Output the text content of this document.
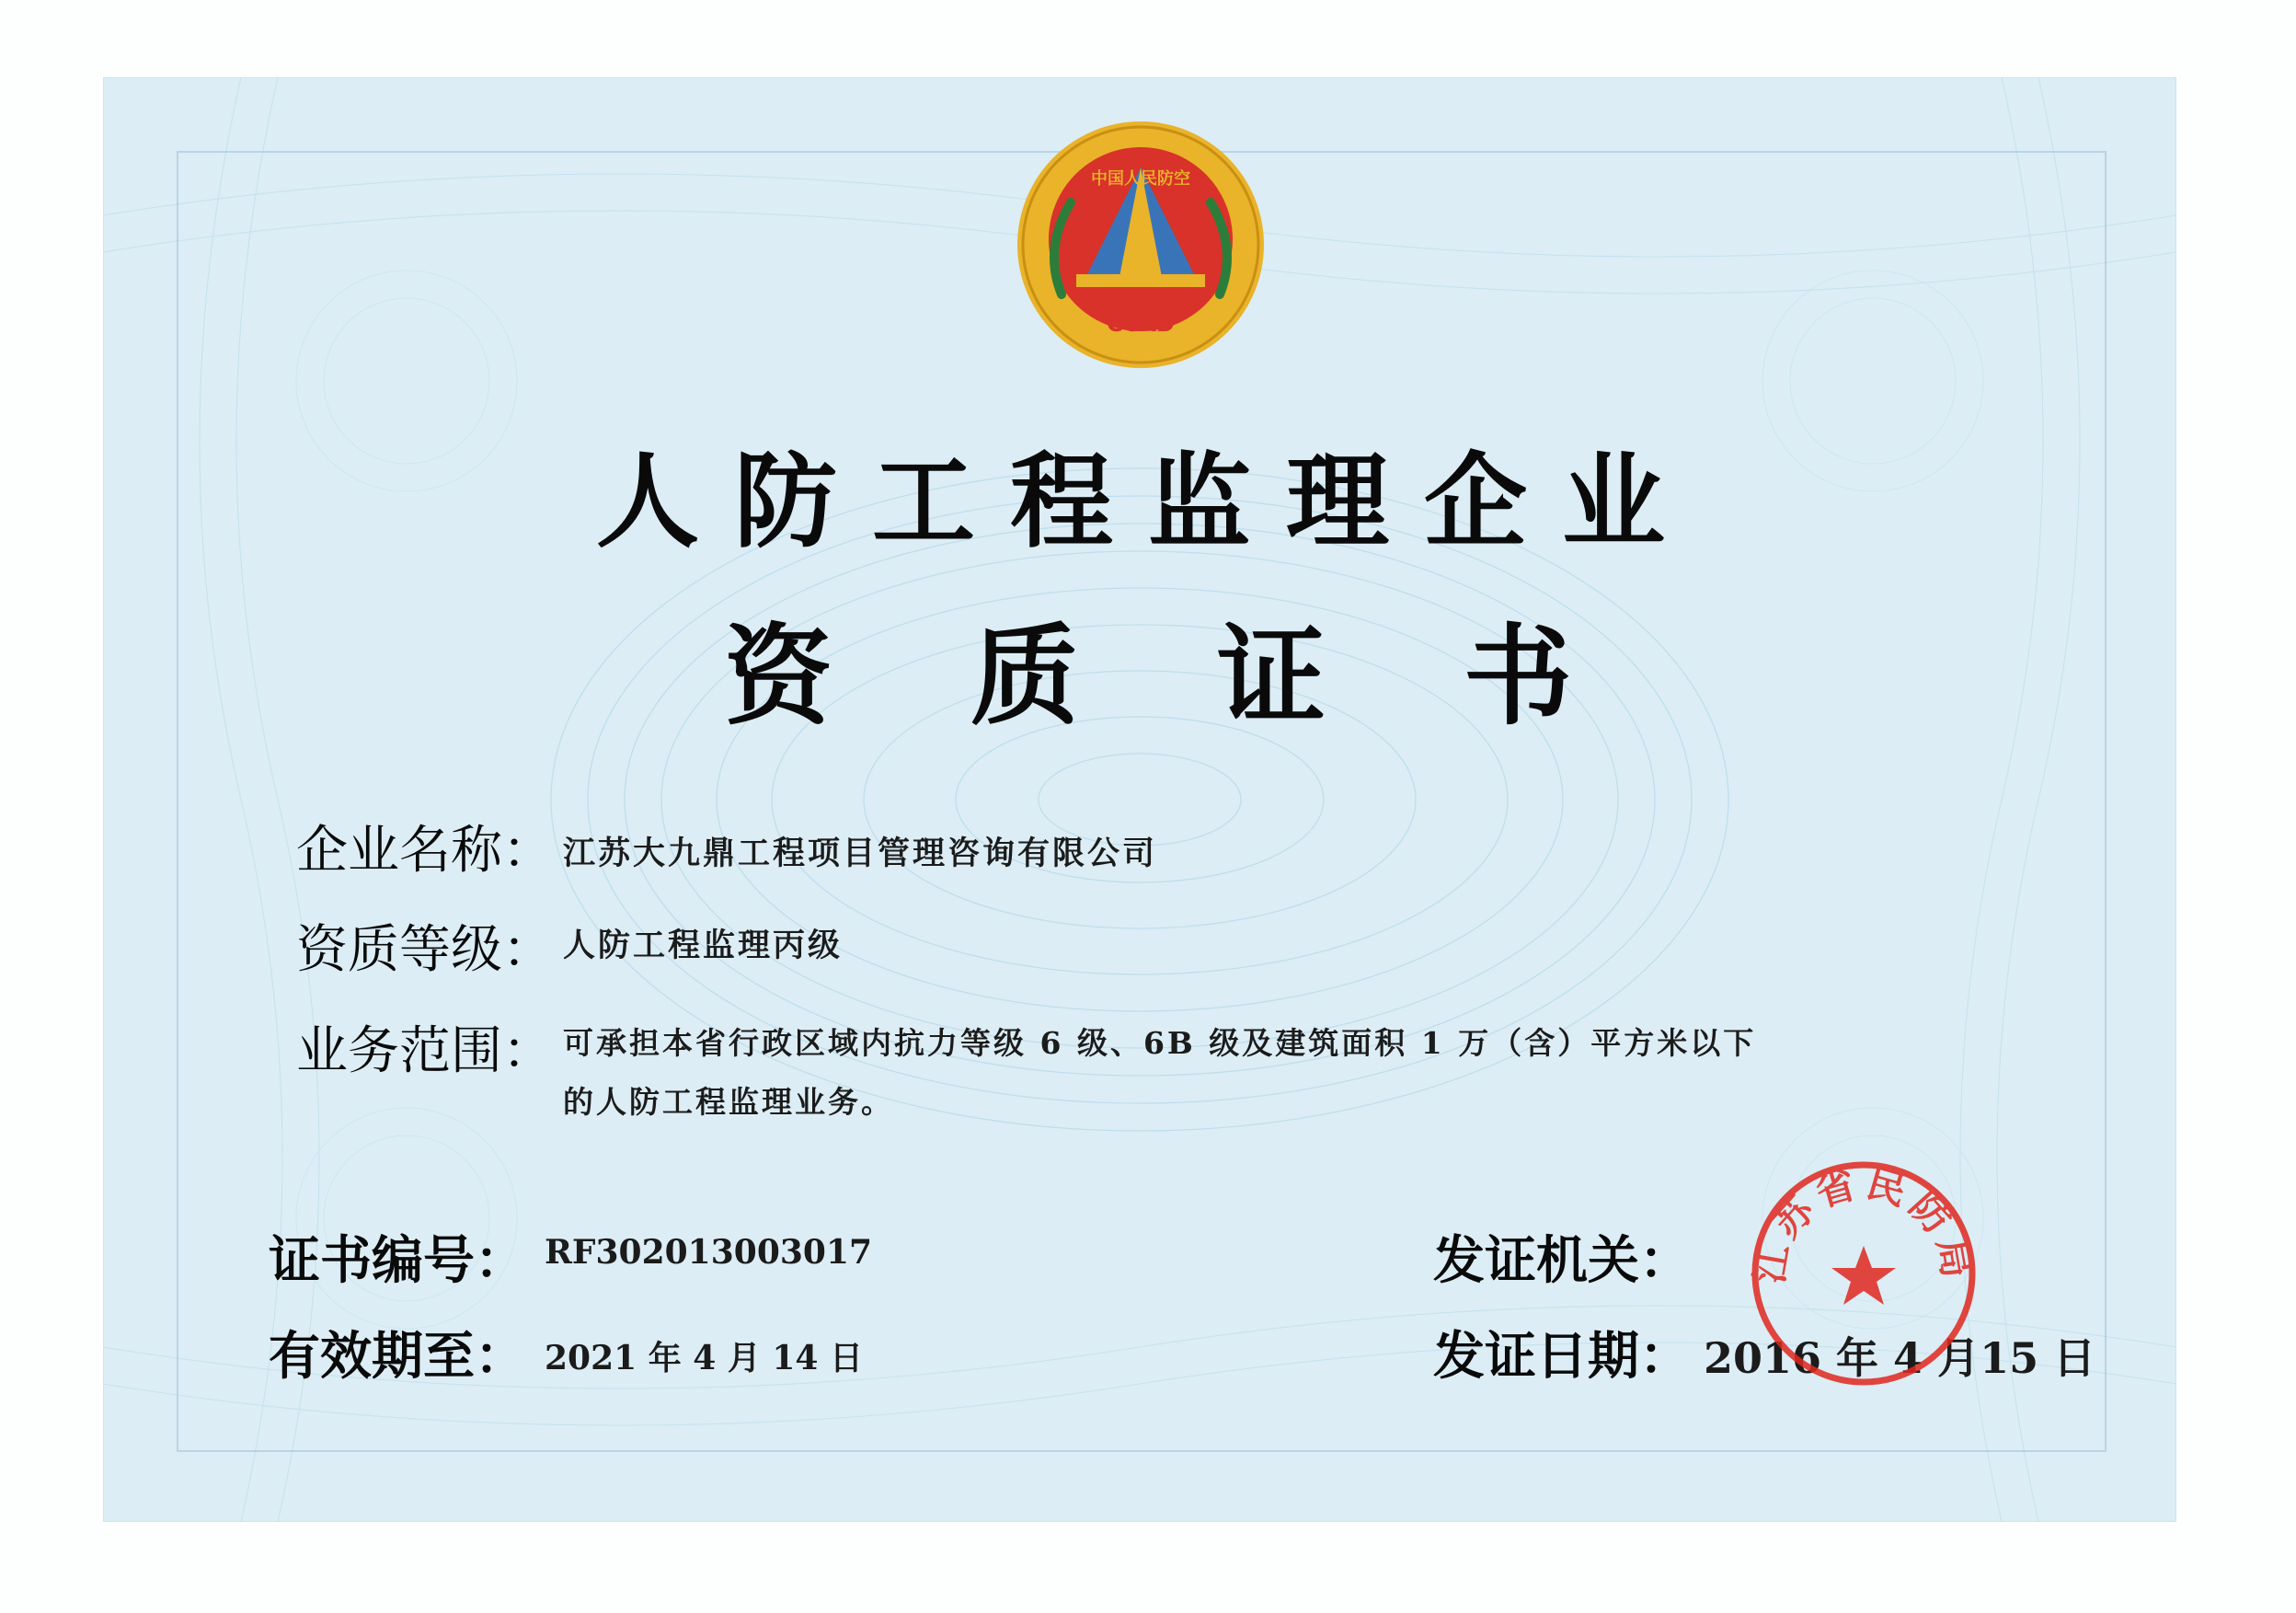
中国人民防空
CCAD
人防工程监理企业
资质证书
企业名称： 江苏大九鼎工程项目管理咨询有限公司
资质等级： 人防工程监理丙级
业务范围： 可承担本省行政区域内抗力等级 6 级、6B 级及建筑面积 1 万（含）平方米以下
的人防工程监理业务。
证书编号： RF302013003017
有效期至： 2021 年 4 月 14 日
发证机关：
发证日期： 2016 年 4 月15 日
江苏省民防局
